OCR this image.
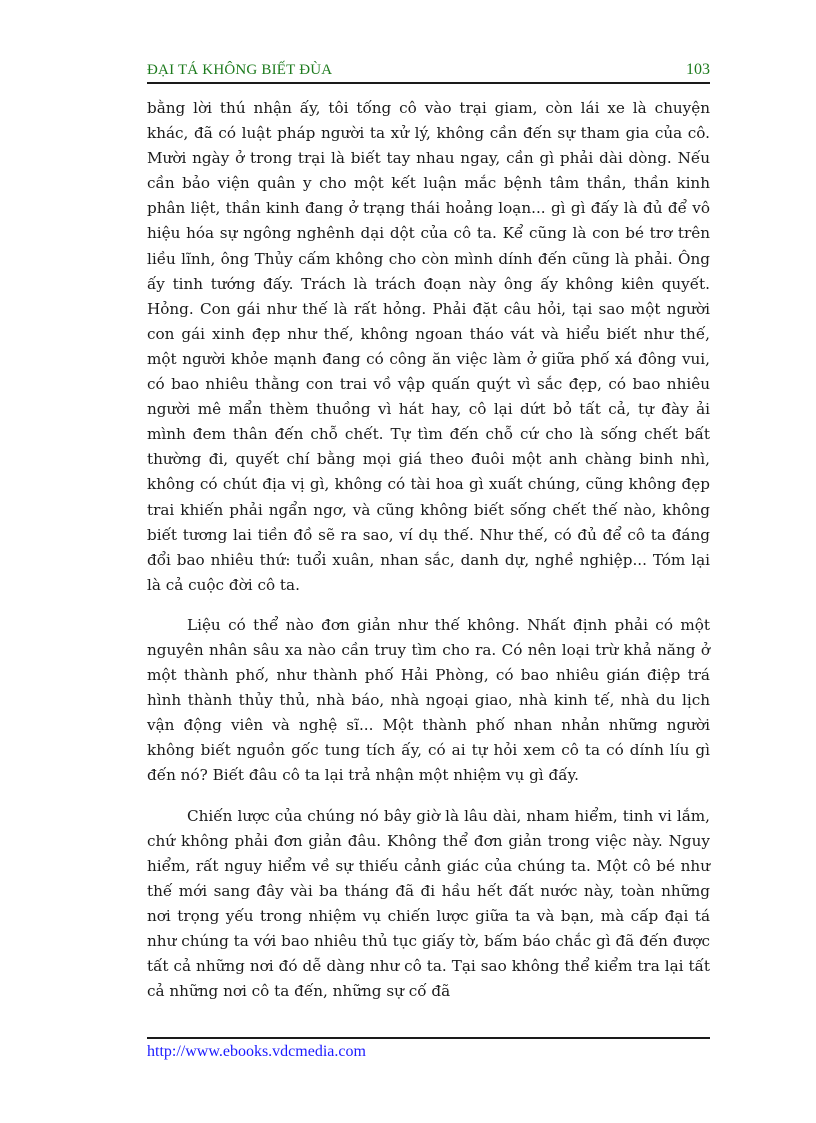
ĐẠI TÁ KHÔNG BIẾT ĐÙA	103

bằng lời thú nhận ấy, tôi tống cô vào trại giam, còn lái xe là chuyện khác, đã có luật pháp người ta xử lý, không cần đến sự tham gia của cô. Mười ngày ở trong trại là biết tay nhau ngay, cần gì phải dài dòng. Nếu cần bảo viện quân y cho một kết luận mắc bệnh tâm thần, thần kinh phân liệt, thần kinh đang ở trạng thái hoảng loạn... gì gì đấy là đủ để vô hiệu hóa sự ngông nghênh dại dột của cô ta. Kể cũng là con bé trơ trên liều lĩnh, ông Thủy cấm không cho còn mình dính đến cũng là phải. Ông ấy tinh tướng đấy. Trách là trách đoạn này ông ấy không kiên quyết. Hỏng. Con gái như thế là rất hỏng. Phải đặt câu hỏi, tại sao một người con gái xinh đẹp như thế, không ngoan tháo vát và hiểu biết như thế, một người khỏe mạnh đang có công ăn việc làm ở giữa phố xá đông vui, có bao nhiêu thằng con trai vồ vập quấn quýt vì sắc đẹp, có bao nhiêu người mê mẩn thèm thuồng vì hát hay, cô lại dứt bỏ tất cả, tự đày ải mình đem thân đến chỗ chết. Tự tìm đến chỗ cứ cho là sống chết bất thường đi, quyết chí bằng mọi giá theo đuôi một anh chàng binh nhì, không có chút địa vị gì, không có tài hoa gì xuất chúng, cũng không đẹp trai khiến phải ngẩn ngơ, và cũng không biết sống chết thế nào, không biết tương lai tiền đồ sẽ ra sao, ví dụ thế. Như thế, có đủ để cô ta đáng đổi bao nhiêu thứ: tuổi xuân, nhan sắc, danh dự, nghề nghiệp... Tóm lại là cả cuộc đời cô ta.

Liệu có thể nào đơn giản như thế không. Nhất định phải có một nguyên nhân sâu xa nào cần truy tìm cho ra. Có nên loại trừ khả năng ở một thành phố, như thành phố Hải Phòng, có bao nhiêu gián điệp trá hình thành thủy thủ, nhà báo, nhà ngoại giao, nhà kinh tế, nhà du lịch vận động viên và nghệ sĩ... Một thành phố nhan nhản những người không biết nguồn gốc tung tích ấy, có ai tự hỏi xem cô ta có dính líu gì đến nó? Biết đâu cô ta lại trả nhận một nhiệm vụ gì đấy.

Chiến lược của chúng nó bây giờ là lâu dài, nham hiểm, tinh vi lắm, chứ không phải đơn giản đâu. Không thể đơn giản trong việc này. Nguy hiểm, rất nguy hiểm về sự thiếu cảnh giác của chúng ta. Một cô bé như thế mới sang đây vài ba tháng đã đi hầu hết đất nước này, toàn những nơi trọng yếu trong nhiệm vụ chiến lược giữa ta và bạn, mà cấp đại tá như chúng ta với bao nhiêu thủ tục giấy tờ, bấm báo chắc gì đã đến được tất cả những nơi đó dễ dàng như cô ta. Tại sao không thể kiểm tra lại tất cả những nơi cô ta đến, những sự cố đã

http://www.ebooks.vdcmedia.com
